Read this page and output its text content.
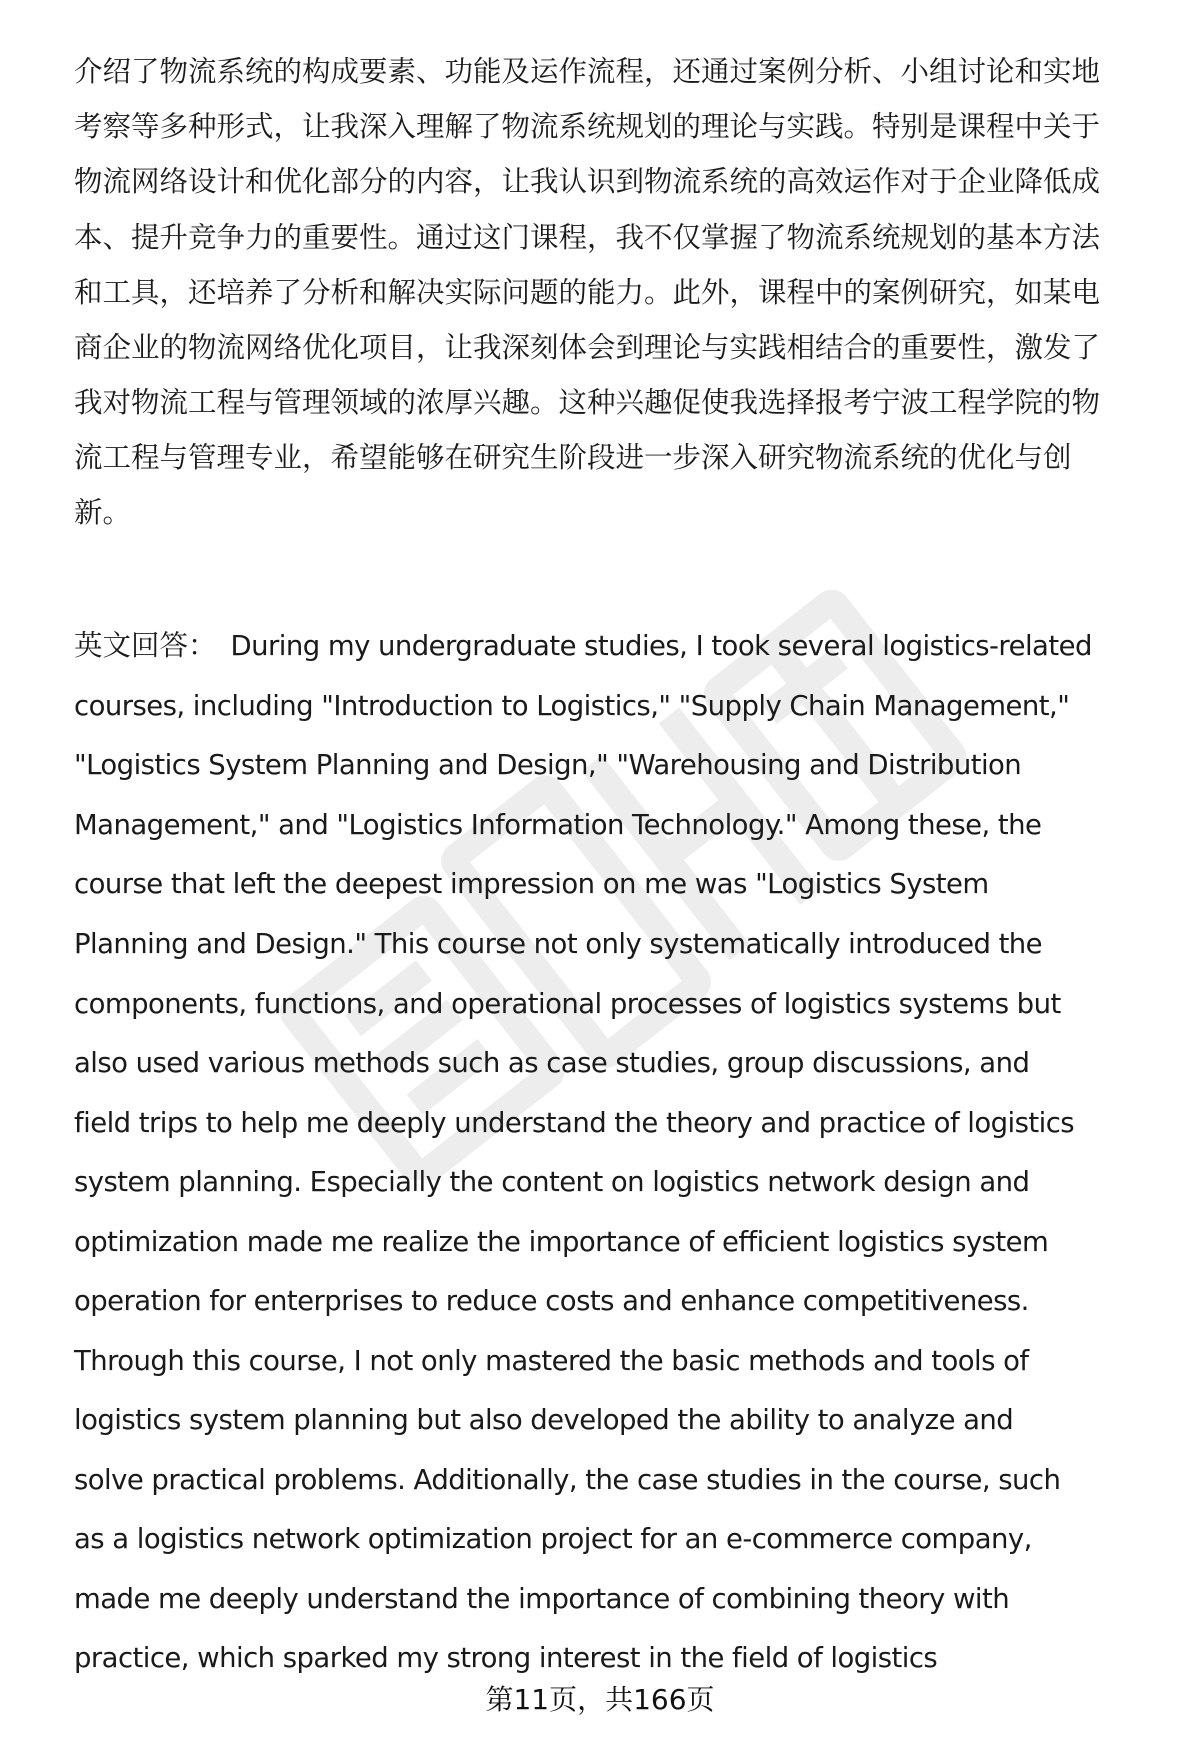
介绍了物流系统的构成要素、功能及运作流程，还通过案例分析、小组讨论和实地
考察等多种形式，让我深入理解了物流系统规划的理论与实践。特别是课程中关于
物流网络设计和优化部分的内容，让我认识到物流系统的高效运作对于企业降低成
本、提升竞争力的重要性。通过这门课程，我不仅掌握了物流系统规划的基本方法
和工具，还培养了分析和解决实际问题的能力。此外，课程中的案例研究，如某电
商企业的物流网络优化项目，让我深刻体会到理论与实践相结合的重要性，激发了
我对物流工程与管理领域的浓厚兴趣。这种兴趣促使我选择报考宁波工程学院的物
流工程与管理专业，希望能够在研究生阶段进一步深入研究物流系统的优化与创
新。
英文回答： During my undergraduate studies, I took several logistics-related
courses, including "Introduction to Logistics," "Supply Chain Management,"
"Logistics System Planning and Design," "Warehousing and Distribution
Management," and "Logistics Information Technology." Among these, the
course that left the deepest impression on me was "Logistics System
Planning and Design." This course not only systematically introduced the
components, functions, and operational processes of logistics systems but
also used various methods such as case studies, group discussions, and
field trips to help me deeply understand the theory and practice of logistics
system planning. Especially the content on logistics network design and
optimization made me realize the importance of efficient logistics system
operation for enterprises to reduce costs and enhance competitiveness.
Through this course, I not only mastered the basic methods and tools of
logistics system planning but also developed the ability to analyze and
solve practical problems. Additionally, the case studies in the course, such
as a logistics network optimization project for an e-commerce company,
made me deeply understand the importance of combining theory with
practice, which sparked my strong interest in the field of logistics
第11页，共166页
